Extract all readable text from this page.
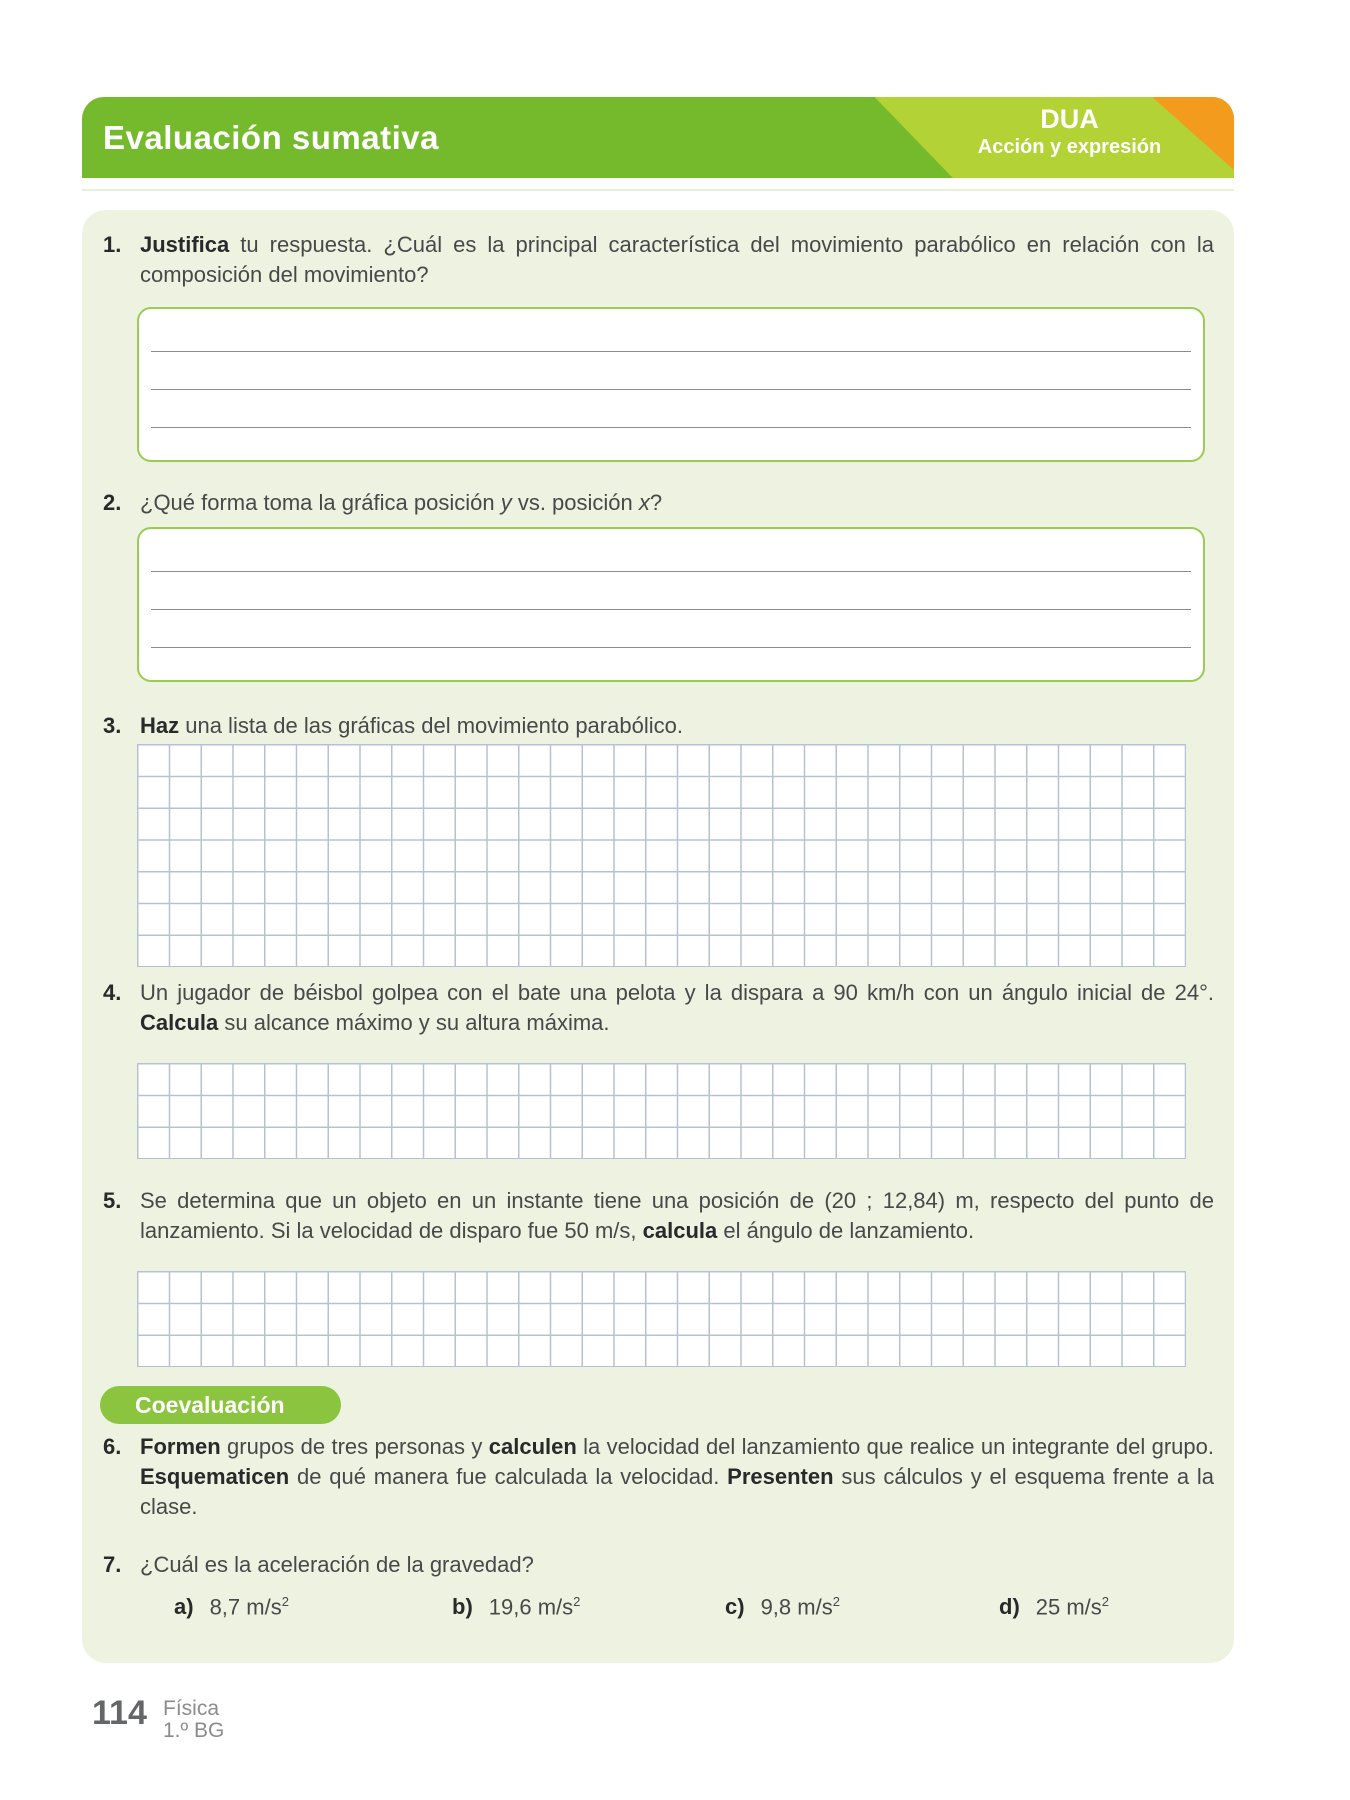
Evaluación sumativa	DUA
Acción y expresión
1. Justifica tu respuesta. ¿Cuál es la principal característica del movimiento parabólico en relación con la composición del movimiento?

2. ¿Qué forma toma la gráfica posición y vs. posición x?

3. Haz una lista de las gráficas del movimiento parabólico.

4. Un jugador de béisbol golpea con el bate una pelota y la dispara a 90 km/h con un ángulo inicial de 24°. Calcula su alcance máximo y su altura máxima.

5. Se determina que un objeto en un instante tiene una posición de (20 ; 12,84) m, respecto del punto de lanzamiento. Si la velocidad de disparo fue 50 m/s, calcula el ángulo de lanzamiento.

Coevaluación
6. Formen grupos de tres personas y calculen la velocidad del lanzamiento que realice un integrante del grupo. Esquematicen de qué manera fue calculada la velocidad. Presenten sus cálculos y el esquema frente a la clase.

7. ¿Cuál es la aceleración de la gravedad?

a) 8,7 $m/s^2$	b) 19,6 $m/s^2$	c) 9,8 $m/s^2$	d) 25 $m/s^2$
114 Física
1.º BG
